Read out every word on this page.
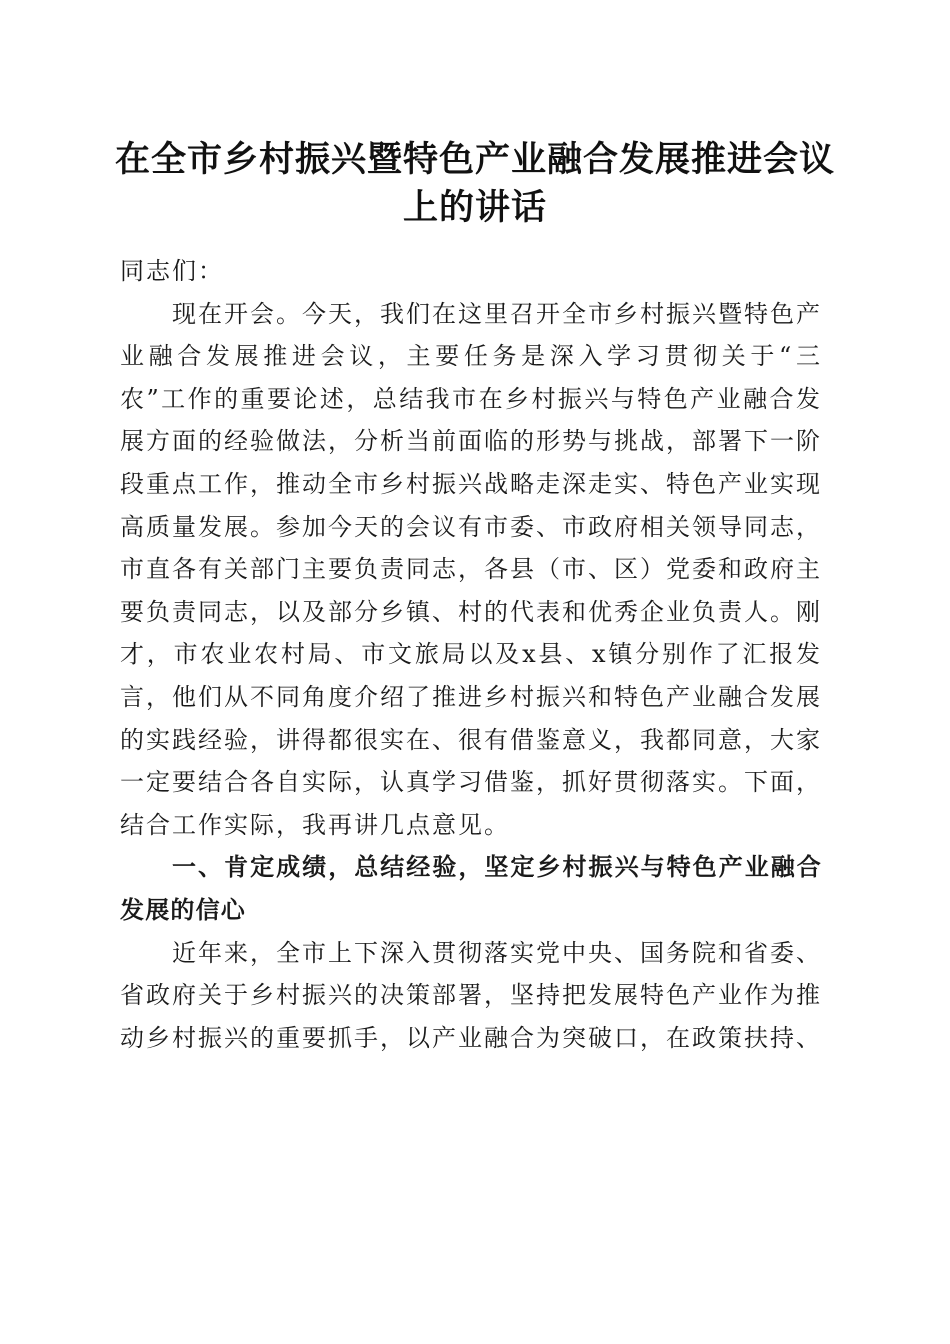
在全市乡村振兴暨特色产业融合发展推进会议上的讲话

同志们：

现在开会。今天，我们在这里召开全市乡村振兴暨特色产业融合发展推进会议，主要任务是深入学习贯彻关于“三农”工作的重要论述，总结我市在乡村振兴与特色产业融合发展方面的经验做法，分析当前面临的形势与挑战，部署下一阶段重点工作，推动全市乡村振兴战略走深走实、特色产业实现高质量发展。参加今天的会议有市委、市政府相关领导同志，市直各有关部门主要负责同志，各县（市、区）党委和政府主要负责同志，以及部分乡镇、村的代表和优秀企业负责人。刚才，市农业农村局、市文旅局以及x县、x镇分别作了汇报发言，他们从不同角度介绍了推进乡村振兴和特色产业融合发展的实践经验，讲得都很实在、很有借鉴意义，我都同意，大家一定要结合各自实际，认真学习借鉴，抓好贯彻落实。下面，结合工作实际，我再讲几点意见。

一、肯定成绩，总结经验，坚定乡村振兴与特色产业融合发展的信心

近年来，全市上下深入贯彻落实党中央、国务院和省委、省政府关于乡村振兴的决策部署，坚持把发展特色产业作为推动乡村振兴的重要抓手，以产业融合为突破口，在政策扶持、
